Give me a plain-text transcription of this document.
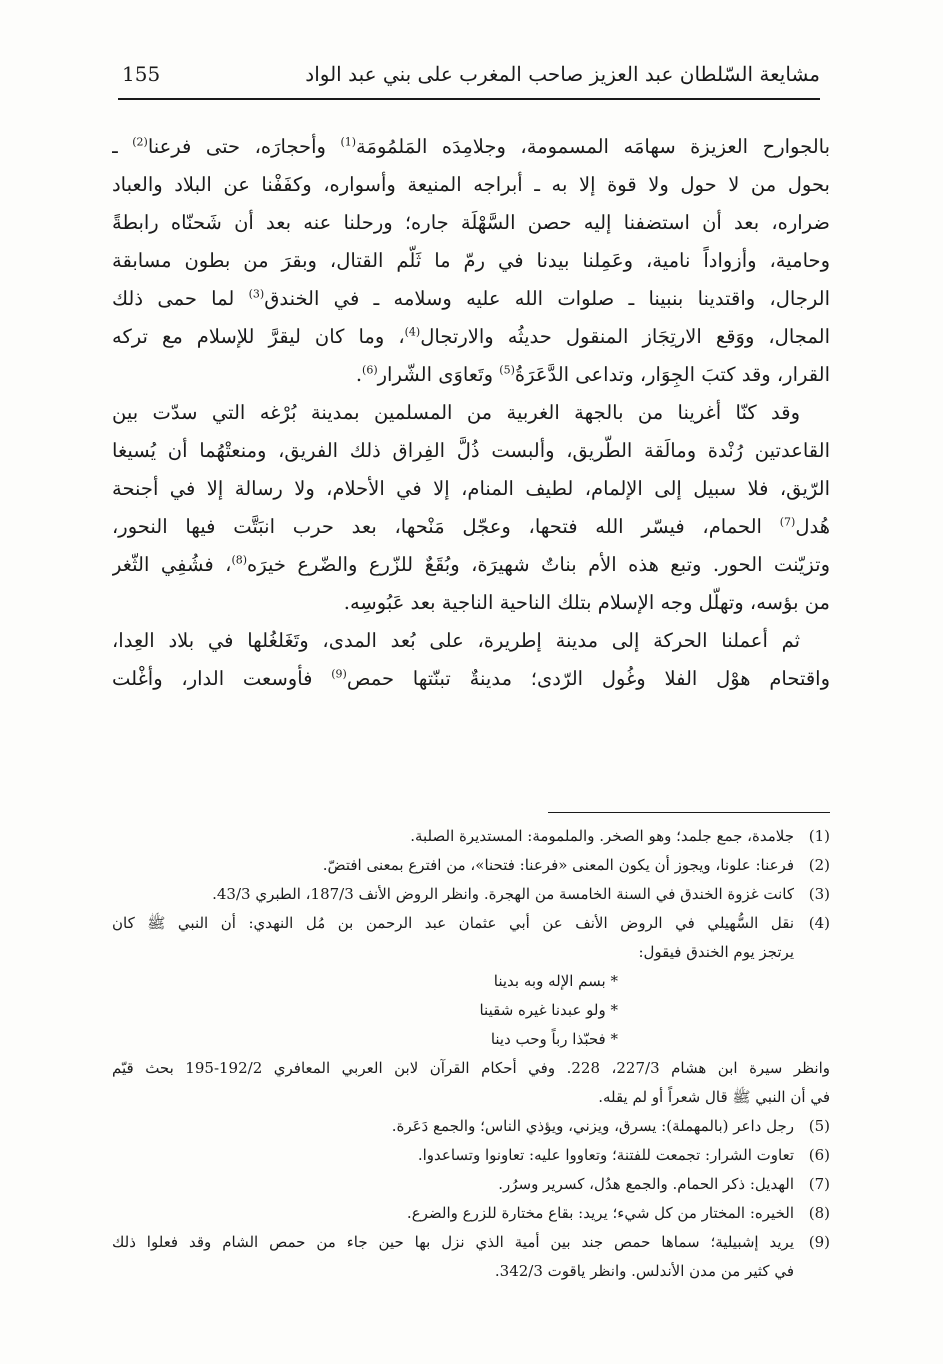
مشايعة السّلطان عبد العزيز صاحب المغرب على بني عبد الواد
155
بالجوارح العزيزة سهامَه المسمومة، وجلامِدَه المَلمُومَة$^{(1)}$ وأحجارَه، حتى فرعنا$^{(2)}$ ـ
بحول من لا حول ولا قوة إلا به ـ أبراجه المنيعة وأسواره، وكفَفْنا عن البلاد والعباد
ضراره، بعد أن استضفنا إليه حصن السَّهْلَة جاره؛ ورحلنا عنه بعد أن شَحنّاه رابطةً
وحامية، وأزواداً نامية، وعَمِلنا بيدنا في رمّ ما ثَلّم القتال، وبقرَ من بطون مسابقة
الرجال، واقتدينا بنبينا ـ صلوات الله عليه وسلامه ـ في الخندق$^{(3)}$ لما حمى ذلك
المجال، ووَقع الارتِجَاز المنقول حديثُه والارتجال$^{(4)}$، وما كان ليقرَّ للإسلام مع تركه
القرار، وقد كتبَ الجِوَار، وتداعى الدَّعَرَةُ$^{(5)}$ وتَعاوَى الشّرار$^{(6)}$.
وقد كنّا أغرينا من بالجهة الغربية من المسلمين بمدينة بُرْغه التي سدّت بين
القاعدتين رُنْدة ومالَقة الطّريق، وألبست ذُلَّ الفِراق ذلك الفريق، ومنعتْهُما أن يُسيغا
الرّيق، فلا سبيل إلى الإلمام، لطيف المنام، إلا في الأحلام، ولا رسالة إلا في أجنحة
هُدل$^{(7)}$ الحمام، فيسّر الله فتحها، وعجّل مَنْحها، بعد حرب انبَتَّت فيها النحور،
وتزيّنت الحور. وتبع هذه الأم بناتٌ شهيرَة، وبُقَعٌ للزّرع والضّرع خيرَه$^{(8)}$، فشُفِي الثّغر
من بؤسه، وتهلّل وجه الإسلام بتلك الناحية الناجية بعد عَبُوسِه.
ثم أعملنا الحركة إلى مدينة إطريرة، على بُعد المدى، وتَغَلغُلها في بلاد العِدا،
واقتحام هوْل الفلا وغُول الرّدى؛ مدينةٌ تبنّتها حمص$^{(9)}$ فأوسعت الدار، وأغْلت
(1)
جلامدة، جمع جلمد؛ وهو الصخر. والملمومة: المستديرة الصلبة.
(2)
فرعنا: علونا، ويجوز أن يكون المعنى «فرعنا: فتحنا»، من افترع بمعنى افتضّ.
(3)
كانت غزوة الخندق في السنة الخامسة من الهجرة. وانظر الروض الأنف 187/3، الطبري 43/3.
(4)
نقل السُّهيلي في الروض الأنف عن أبي عثمان عبد الرحمن بن مُل النهدي: أن النبي ﷺ كان
يرتجز يوم الخندق فيقول:
* بسم الإله وبه بدينا
* ولو عبدنا غيره شقينا
* فحبّذا رباً وحب دينا
وانظر سيرة ابن هشام 227/3، 228. وفي أحكام القرآن لابن العربي المعافري 192/2-195 بحث قيّم
في أن النبي ﷺ قال شعراً أو لم يقله.
(5)
رجل داعر (بالمهملة): يسرق، ويزني، ويؤذي الناس؛ والجمع دَعَرة.
(6)
تعاوت الشرار: تجمعت للفتنة؛ وتعاووا عليه: تعاونوا وتساعدوا.
(7)
الهديل: ذكر الحمام. والجمع هدُل، كسرير وسرُر.
(8)
الخيره: المختار من كل شيء؛ يريد: بقاع مختارة للزرع والضرع.
(9)
يريد إشبيلية؛ سماها حمص جند بين أمية الذي نزل بها حين جاء من حمص الشام وقد فعلوا ذلك
في كثير من مدن الأندلس. وانظر ياقوت 342/3.
